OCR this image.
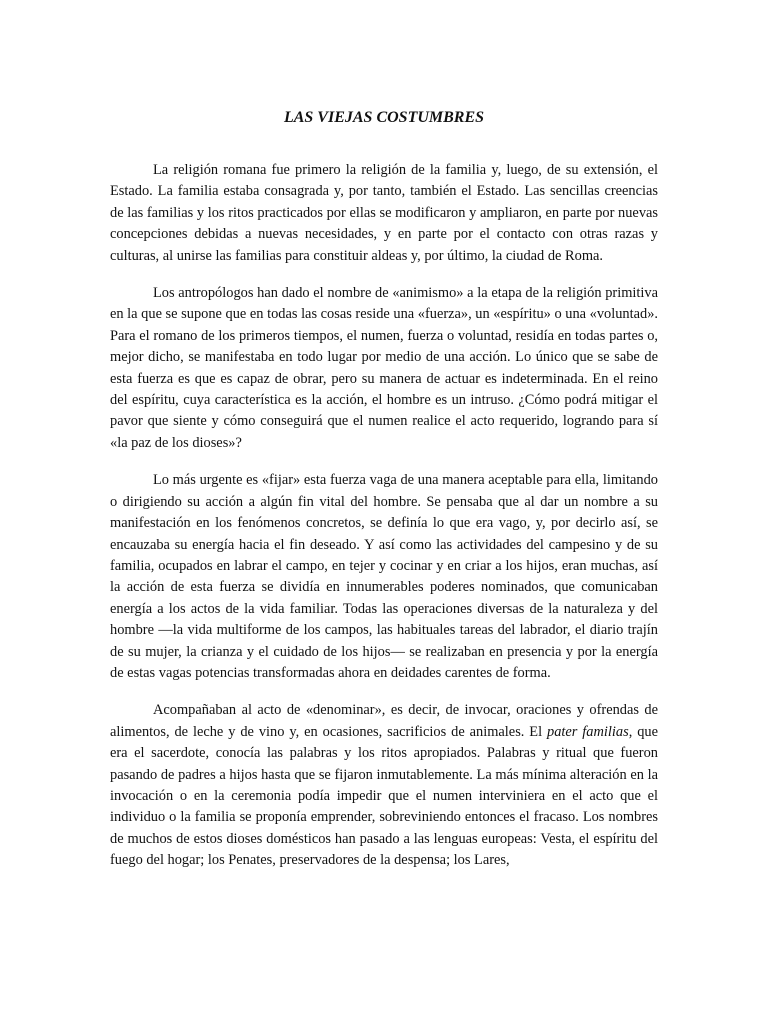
LAS VIEJAS COSTUMBRES

La religión romana fue primero la religión de la familia y, luego, de su extensión, el Estado. La familia estaba consagrada y, por tanto, también el Estado. Las sencillas creencias de las familias y los ritos practicados por ellas se modificaron y ampliaron, en parte por nuevas concepciones debidas a nuevas necesidades, y en parte por el contacto con otras razas y culturas, al unirse las familias para constituir aldeas y, por último, la ciudad de Roma.

Los antropólogos han dado el nombre de «animismo» a la etapa de la religión primitiva en la que se supone que en todas las cosas reside una «fuerza», un «espíritu» o una «voluntad». Para el romano de los primeros tiempos, el numen, fuerza o voluntad, residía en todas partes o, mejor dicho, se manifestaba en todo lugar por medio de una acción. Lo único que se sabe de esta fuerza es que es capaz de obrar, pero su manera de actuar es indeterminada. En el reino del espíritu, cuya característica es la acción, el hombre es un intruso. ¿Cómo podrá mitigar el pavor que siente y cómo conseguirá que el numen realice el acto requerido, logrando para sí «la paz de los dioses»?

Lo más urgente es «fijar» esta fuerza vaga de una manera aceptable para ella, limitando o dirigiendo su acción a algún fin vital del hombre. Se pensaba que al dar un nombre a su manifestación en los fenómenos concretos, se definía lo que era vago, y, por decirlo así, se encauzaba su energía hacia el fin deseado. Y así como las actividades del campesino y de su familia, ocupados en labrar el campo, en tejer y cocinar y en criar a los hijos, eran muchas, así la acción de esta fuerza se dividía en innumerables poderes nominados, que comunicaban energía a los actos de la vida familiar. Todas las operaciones diversas de la naturaleza y del hombre —la vida multiforme de los campos, las habituales tareas del labrador, el diario trajín de su mujer, la crianza y el cuidado de los hijos— se realizaban en presencia y por la energía de estas vagas potencias transformadas ahora en deidades carentes de forma.

Acompañaban al acto de «denominar», es decir, de invocar, oraciones y ofrendas de alimentos, de leche y de vino y, en ocasiones, sacrificios de animales. El pater familias, que era el sacerdote, conocía las palabras y los ritos apropiados. Palabras y ritual que fueron pasando de padres a hijos hasta que se fijaron inmutablemente. La más mínima alteración en la invocación o en la ceremonia podía impedir que el numen interviniera en el acto que el individuo o la familia se proponía emprender, sobreviniendo entonces el fracaso. Los nombres de muchos de estos dioses domésticos han pasado a las lenguas europeas: Vesta, el espíritu del fuego del hogar; los Penates, preservadores de la despensa; los Lares,
